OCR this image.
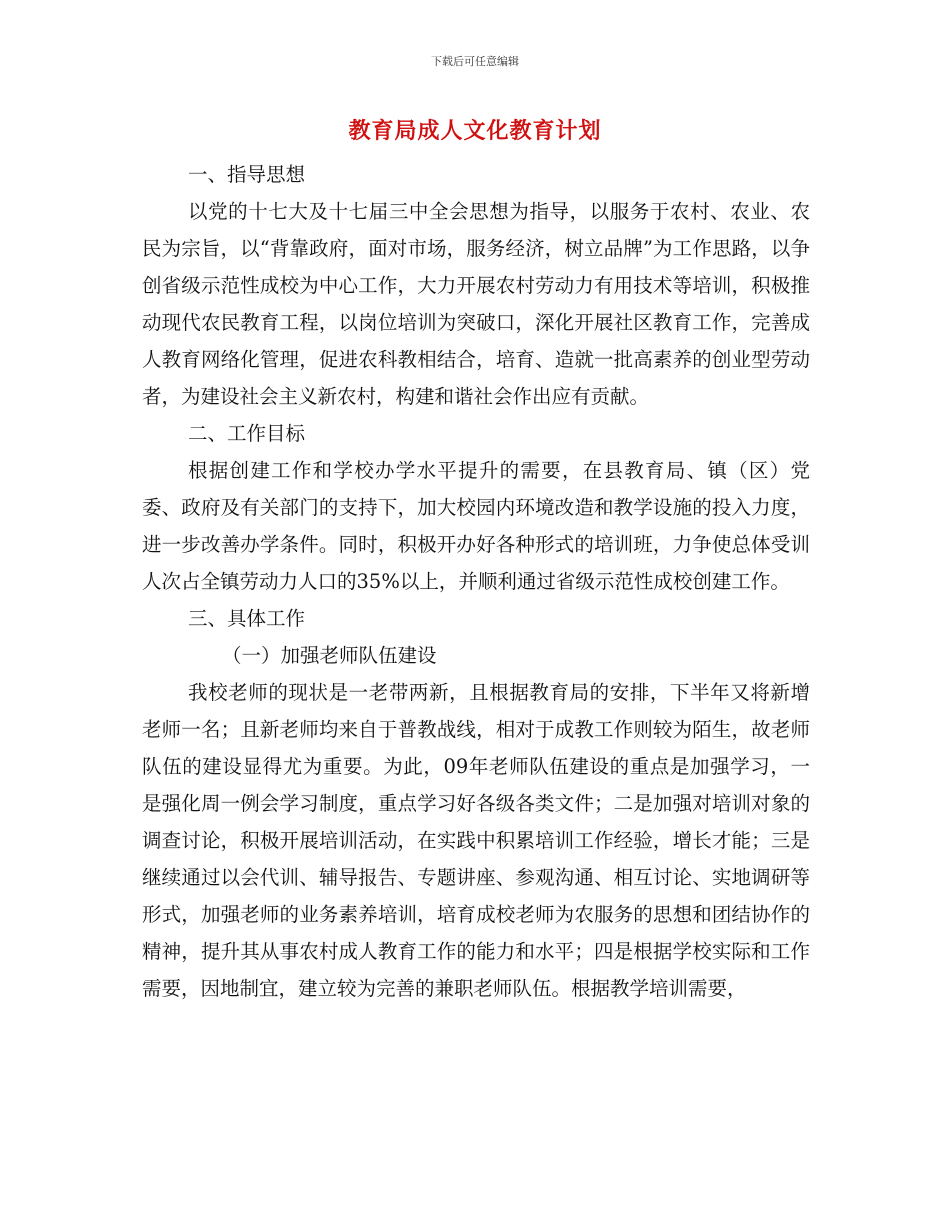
下载后可任意编辑
教育局成人文化教育计划

一、指导思想

以党的十七大及十七届三中全会思想为指导，以服务于农村、农业、农民为宗旨，以“背靠政府，面对市场，服务经济，树立品牌”为工作思路，以争创省级示范性成校为中心工作，大力开展农村劳动力有用技术等培训，积极推动现代农民教育工程，以岗位培训为突破口，深化开展社区教育工作，完善成人教育网络化管理，促进农科教相结合，培育、造就一批高素养的创业型劳动者，为建设社会主义新农村，构建和谐社会作出应有贡献。

二、工作目标

根据创建工作和学校办学水平提升的需要，在县教育局、镇（区）党委、政府及有关部门的支持下，加大校园内环境改造和教学设施的投入力度，进一步改善办学条件。同时，积极开办好各种形式的培训班，力争使总体受训人次占全镇劳动力人口的35%以上，并顺利通过省级示范性成校创建工作。

三、具体工作

（一）加强老师队伍建设

我校老师的现状是一老带两新，且根据教育局的安排，下半年又将新增老师一名；且新老师均来自于普教战线，相对于成教工作则较为陌生，故老师队伍的建设显得尤为重要。为此，09年老师队伍建设的重点是加强学习，一是强化周一例会学习制度，重点学习好各级各类文件；二是加强对培训对象的调查讨论，积极开展培训活动，在实践中积累培训工作经验，增长才能；三是继续通过以会代训、辅导报告、专题讲座、参观沟通、相互讨论、实地调研等形式，加强老师的业务素养培训，培育成校老师为农服务的思想和团结协作的精神，提升其从事农村成人教育工作的能力和水平；四是根据学校实际和工作需要，因地制宜，建立较为完善的兼职老师队伍。根据教学培训需要，
